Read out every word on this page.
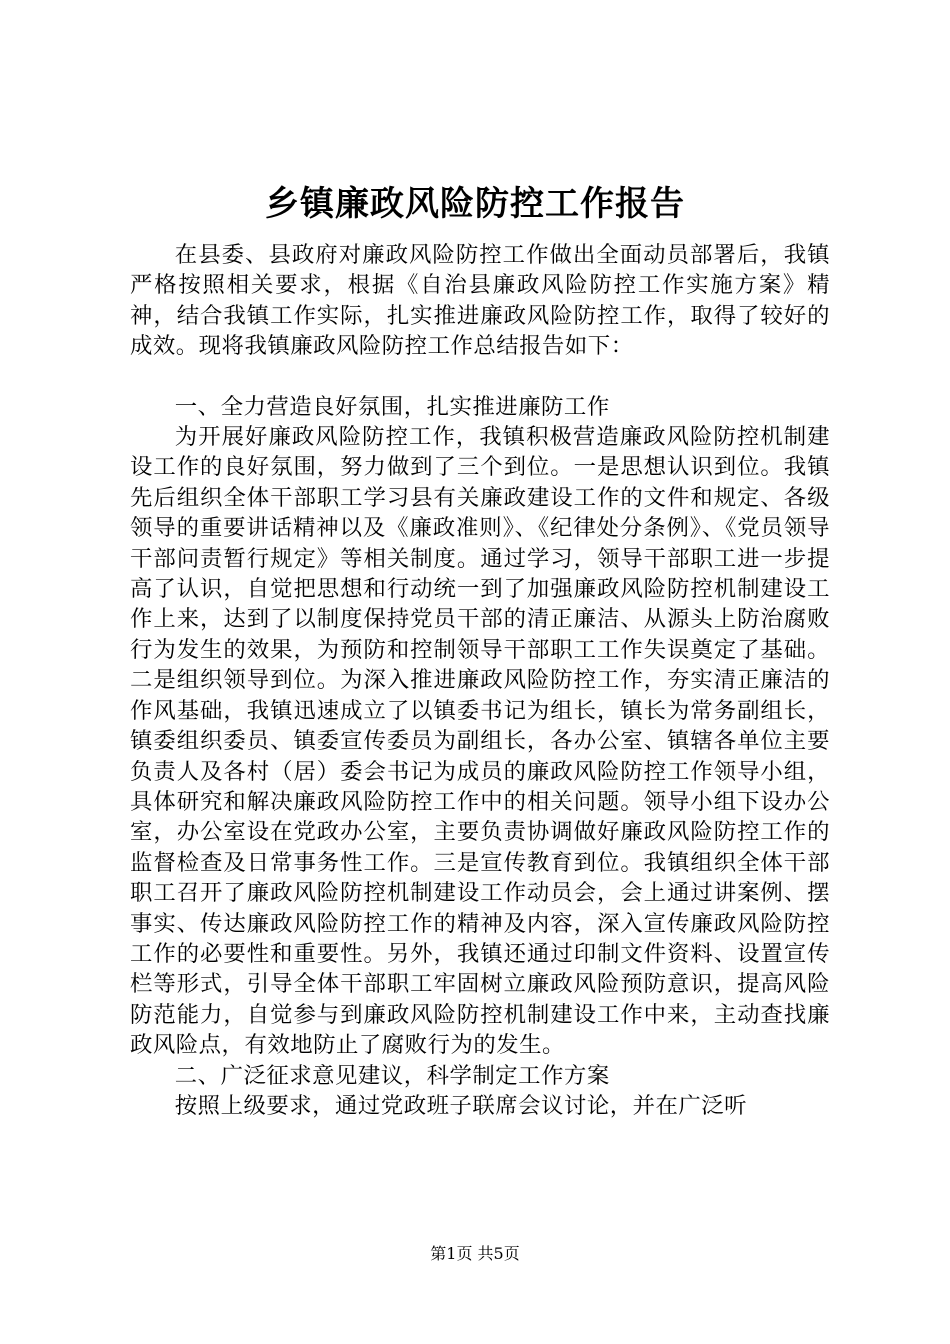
乡镇廉政风险防控工作报告

在县委、县政府对廉政风险防控工作做出全面动员部署后，我镇严格按照相关要求，根据《自治县廉政风险防控工作实施方案》精神，结合我镇工作实际，扎实推进廉政风险防控工作，取得了较好的成效。现将我镇廉政风险防控工作总结报告如下：

一、全力营造良好氛围，扎实推进廉防工作

为开展好廉政风险防控工作，我镇积极营造廉政风险防控机制建设工作的良好氛围，努力做到了三个到位。一是思想认识到位。我镇先后组织全体干部职工学习县有关廉政建设工作的文件和规定、各级领导的重要讲话精神以及《廉政准则》、《纪律处分条例》、《党员领导干部问责暂行规定》等相关制度。通过学习，领导干部职工进一步提高了认识，自觉把思想和行动统一到了加强廉政风险防控机制建设工作上来，达到了以制度保持党员干部的清正廉洁、从源头上防治腐败行为发生的效果，为预防和控制领导干部职工工作失误奠定了基础。二是组织领导到位。为深入推进廉政风险防控工作，夯实清正廉洁的作风基础，我镇迅速成立了以镇委书记为组长，镇长为常务副组长，镇委组织委员、镇委宣传委员为副组长，各办公室、镇辖各单位主要负责人及各村（居）委会书记为成员的廉政风险防控工作领导小组，具体研究和解决廉政风险防控工作中的相关问题。领导小组下设办公室，办公室设在党政办公室，主要负责协调做好廉政风险防控工作的监督检查及日常事务性工作。三是宣传教育到位。我镇组织全体干部职工召开了廉政风险防控机制建设工作动员会，会上通过讲案例、摆事实、传达廉政风险防控工作的精神及内容，深入宣传廉政风险防控工作的必要性和重要性。另外，我镇还通过印制文件资料、设置宣传栏等形式，引导全体干部职工牢固树立廉政风险预防意识，提高风险防范能力，自觉参与到廉政风险防控机制建设工作中来，主动查找廉政风险点，有效地防止了腐败行为的发生。

二、广泛征求意见建议，科学制定工作方案

按照上级要求，通过党政班子联席会议讨论，并在广泛听

第1页 共5页
